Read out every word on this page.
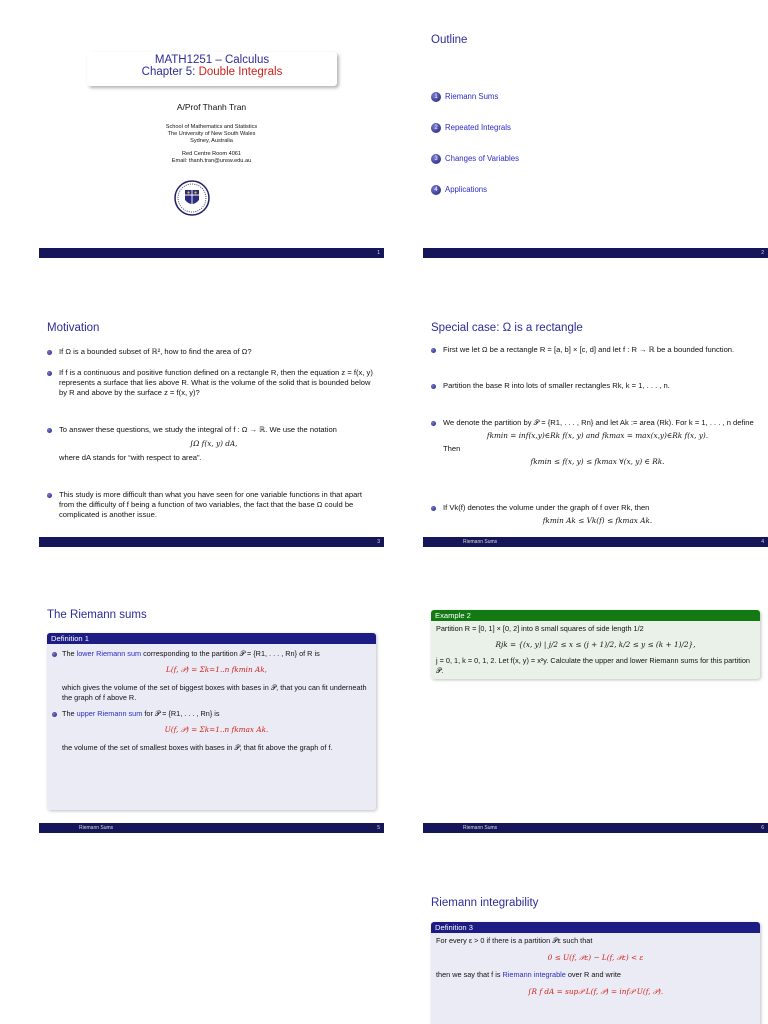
MATH1251 – Calculus
Chapter 5: Double Integrals
A/Prof Thanh Tran
School of Mathematics and Statistics
The University of New South Wales
Sydney, Australia
Red Centre Room 4061
Email: thanh.tran@unsw.edu.au
1
Outline
1 Riemann Sums
2 Repeated Integrals
3 Changes of Variables
4 Applications
2
Motivation
If Ω is a bounded subset of ℝ², how to find the area of Ω?
If f is a continuous and positive function defined on a rectangle R, then the equation z = f(x, y) represents a surface that lies above R. What is the volume of the solid that is bounded below by R and above by the surface z = f(x, y)?
To answer these questions, we study the integral of f : Ω → ℝ. We use the notation
∫Ω f(x, y) dA,
where dA stands for “with respect to area”.
This study is more difficult than what you have seen for one variable functions in that apart from the difficulty of f being a function of two variables, the fact that the base Ω could be complicated is another issue.
3
Special case: Ω is a rectangle
First we let Ω be a rectangle R = [a, b] × [c, d] and let f : R → ℝ be a bounded function.
Partition the base R into lots of smaller rectangles Rk, k = 1, . . . , n.
We denote the partition by 𝒫 = {R1, . . . , Rn} and let Ak := area (Rk). For k = 1, . . . , n define
fkmin = inf(x,y)∈Rk f(x, y) and fkmax = max(x,y)∈Rk f(x, y).
Then
fkmin ≤ f(x, y) ≤ fkmax ∀(x, y) ∈ Rk.
If Vk(f) denotes the volume under the graph of f over Rk, then
fkmin Ak ≤ Vk(f) ≤ fkmax Ak.
Riemann Sums	4
The Riemann sums
Definition 1
The lower Riemann sum corresponding to the partition 𝒫 = {R1, . . . , Rn} of R is
L(f, 𝒫) = Σk=1..n fkmin Ak,
which gives the volume of the set of biggest boxes with bases in 𝒫, that you can fit underneath the graph of f above R.
The upper Riemann sum for 𝒫 = {R1, . . . , Rn} is
U(f, 𝒫) = Σk=1..n fkmax Ak.
the volume of the set of smallest boxes with bases in 𝒫, that fit above the graph of f.
Riemann Sums	5
Example 2
Partition R = [0, 1] × [0, 2] into 8 small squares of side length 1/2
Rjk = {(x, y) | j/2 ≤ x ≤ (j + 1)/2, k/2 ≤ y ≤ (k + 1)/2},
j = 0, 1, k = 0, 1, 2. Let f(x, y) = x²y. Calculate the upper and lower Riemann sums for this partition 𝒫.
Riemann Sums	6
Riemann integrability
Definition 3
For every ε > 0 if there is a partition 𝒫ε such that
0 ≤ U(f, 𝒫ε) − L(f, 𝒫ε) < ε
then we say that f is Riemann integrable over R and write
∫R f dA = sup𝒫 L(f, 𝒫) = inf𝒫 U(f, 𝒫).
